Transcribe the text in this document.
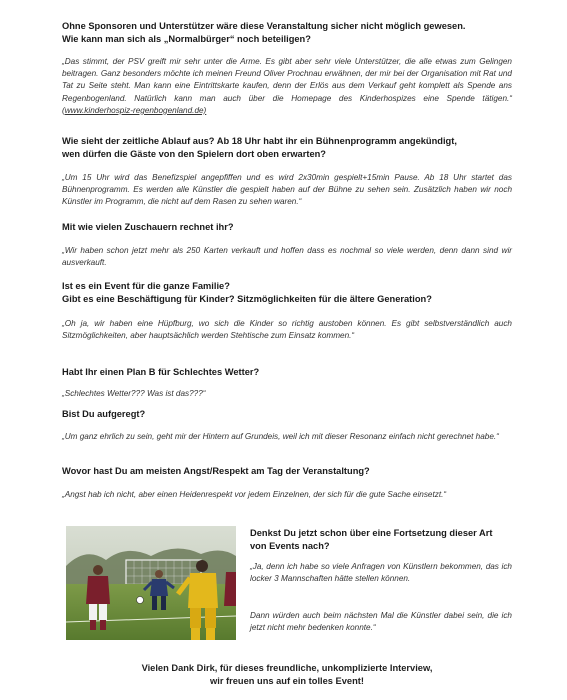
Ohne Sponsoren und Unterstützer wäre diese Veranstaltung sicher nicht möglich gewesen.
Wie kann man sich als „Normalbürger“ noch beteiligen?
„Das stimmt, der PSV greift mir sehr unter die Arme. Es gibt aber sehr viele Unterstützer, die alle etwas zum Gelingen beitragen. Ganz besonders möchte ich meinen Freund Oliver Prochnau erwähnen, der mir bei der Organisation mit Rat und Tat zu Seite steht. Man kann eine Eintrittskarte kaufen, denn der Erlös aus dem Verkauf geht komplett als Spende ans Regenbogenland. Natürlich kann man auch über die Homepage des Kinderhospizes eine Spende tätigen.“ (www.kinderhospiz-regenbogenland.de)
Wie sieht der zeitliche Ablauf aus? Ab 18 Uhr habt ihr ein Bühnenprogramm angekündigt,
wen dürfen die Gäste von den Spielern dort oben erwarten?
„Um 15 Uhr wird das Benefizspiel angepfiffen und es wird 2x30min gespielt+15min Pause. Ab 18 Uhr startet das Bühnenprogramm. Es werden alle Künstler die gespielt haben auf der Bühne zu sehen sein. Zusätzlich haben wir noch Künstler im Programm, die nicht auf dem Rasen zu sehen waren.“
Mit wie vielen Zuschauern rechnet ihr?
„Wir haben schon jetzt mehr als 250 Karten verkauft und hoffen dass es nochmal so viele werden, denn dann sind wir ausverkauft.
Ist es ein Event für die ganze Familie?
Gibt es eine Beschäftigung für Kinder? Sitzmöglichkeiten für die ältere Generation?
„Oh ja, wir haben eine Hüpfburg, wo sich die Kinder so richtig austoben können. Es gibt selbstverständlich auch Sitzmöglichkeiten, aber hauptsächlich werden Stehtische zum Einsatz kommen.“
Habt Ihr einen Plan B für Schlechtes Wetter?
„Schlechtes Wetter??? Was ist das???“
Bist Du aufgeregt?
„Um ganz ehrlich zu sein, geht mir der Hintern auf Grundeis, weil ich mit dieser Resonanz einfach nicht gerechnet habe.“
Wovor hast Du am meisten Angst/Respekt am Tag der Veranstaltung?
„Angst hab ich nicht, aber einen Heidenrespekt vor jedem Einzelnen, der sich für die gute Sache einsetzt.“
Denkst Du jetzt schon über eine Fortsetzung dieser Art
von Events nach?
„Ja, denn ich habe so viele Anfragen von Künstlern bekommen, das ich locker 3 Mannschaften hätte stellen können.
Dann würden auch beim nächsten Mal die Künstler dabei sein, die ich jetzt nicht mehr bedenken konnte.“
Vielen Dank Dirk, für dieses freundliche, unkomplizierte Interview,
wir freuen uns auf ein tolles Event!
